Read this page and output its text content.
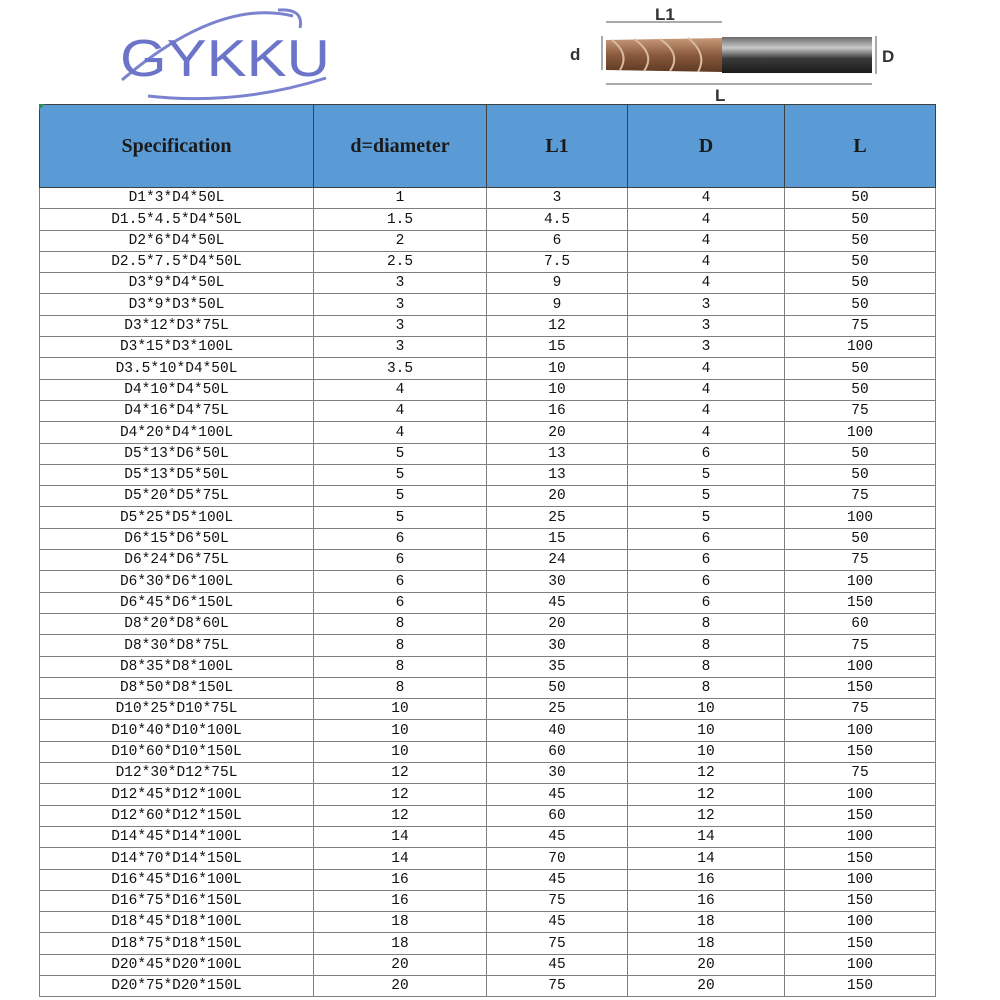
GYKKU
L1
d	D
L
Specification	d=diameter	L1	D	L
D1*3*D4*50L	1	3	4	50
D1.5*4.5*D4*50L	1.5	4.5	4	50
D2*6*D4*50L	2	6	4	50
D2.5*7.5*D4*50L	2.5	7.5	4	50
D3*9*D4*50L	3	9	4	50
D3*9*D3*50L	3	9	3	50
D3*12*D3*75L	3	12	3	75
D3*15*D3*100L	3	15	3	100
D3.5*10*D4*50L	3.5	10	4	50
D4*10*D4*50L	4	10	4	50
D4*16*D4*75L	4	16	4	75
D4*20*D4*100L	4	20	4	100
D5*13*D6*50L	5	13	6	50
D5*13*D5*50L	5	13	5	50
D5*20*D5*75L	5	20	5	75
D5*25*D5*100L	5	25	5	100
D6*15*D6*50L	6	15	6	50
D6*24*D6*75L	6	24	6	75
D6*30*D6*100L	6	30	6	100
D6*45*D6*150L	6	45	6	150
D8*20*D8*60L	8	20	8	60
D8*30*D8*75L	8	30	8	75
D8*35*D8*100L	8	35	8	100
D8*50*D8*150L	8	50	8	150
D10*25*D10*75L	10	25	10	75
D10*40*D10*100L	10	40	10	100
D10*60*D10*150L	10	60	10	150
D12*30*D12*75L	12	30	12	75
D12*45*D12*100L	12	45	12	100
D12*60*D12*150L	12	60	12	150
D14*45*D14*100L	14	45	14	100
D14*70*D14*150L	14	70	14	150
D16*45*D16*100L	16	45	16	100
D16*75*D16*150L	16	75	16	150
D18*45*D18*100L	18	45	18	100
D18*75*D18*150L	18	75	18	150
D20*45*D20*100L	20	45	20	100
D20*75*D20*150L	20	75	20	150
